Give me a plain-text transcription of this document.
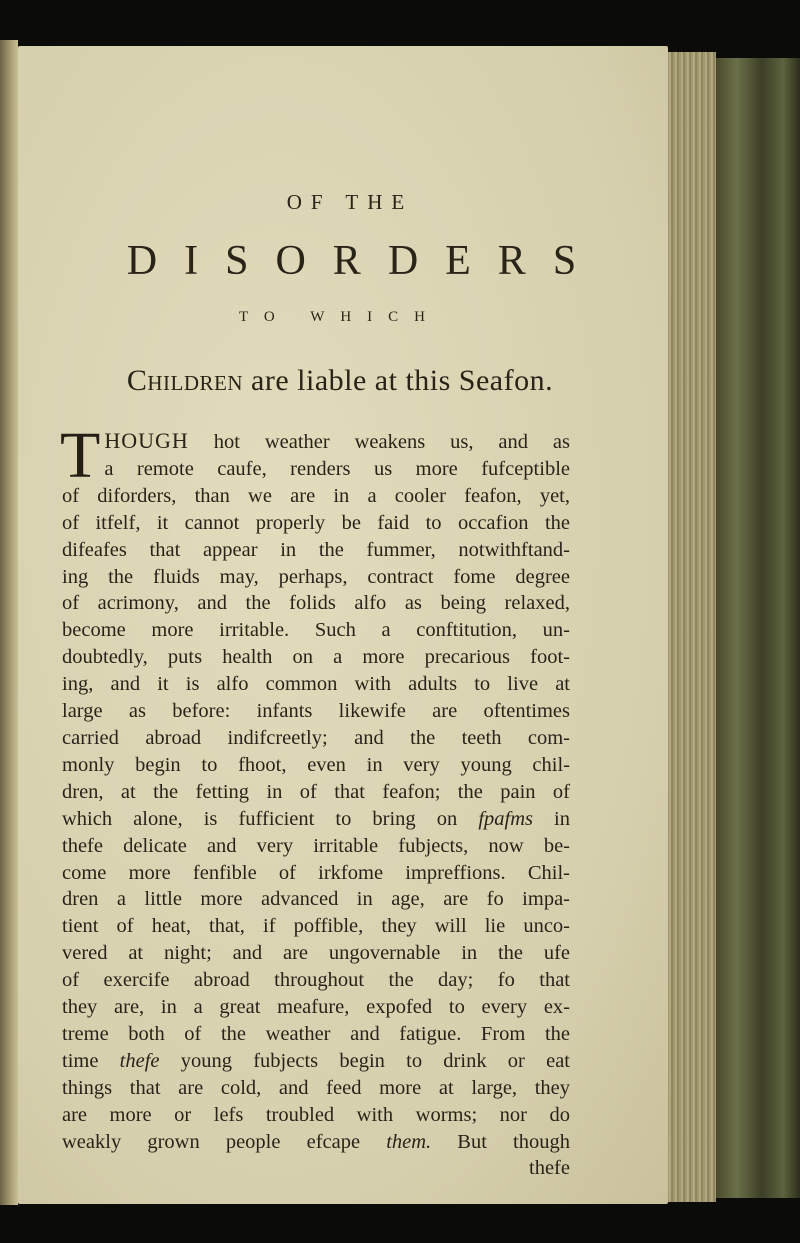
OF THE
DISORDERS
TO WHICH
Children are liable at this Seafon.
T HOUGH hot weather weakens us, and as
a remote caufe, renders us more fufceptible
of diforders, than we are in a cooler feafon, yet,
of itfelf, it cannot properly be faid to occafion the
difeafes that appear in the fummer, notwithftand-
ing the fluids may, perhaps, contract fome degree
of acrimony, and the folids alfo as being relaxed,
become more irritable. Such a conftitution, un-
doubtedly, puts health on a more precarious foot-
ing, and it is alfo common with adults to live at
large as before: infants likewife are oftentimes
carried abroad indifcreetly; and the teeth com-
monly begin to fhoot, even in very young chil-
dren, at the fetting in of that feafon; the pain of
which alone, is fufficient to bring on fpafms in
thefe delicate and very irritable fubjects, now be-
come more fenfible of irkfome impreffions. Chil-
dren a little more advanced in age, are fo impa-
tient of heat, that, if poffible, they will lie unco-
vered at night; and are ungovernable in the ufe
of exercife abroad throughout the day; fo that
they are, in a great meafure, expofed to every ex-
treme both of the weather and fatigue. From the
time thefe young fubjects begin to drink or eat
things that are cold, and feed more at large, they
are more or lefs troubled with worms; nor do
weakly grown people efcape them. But though
thefe
